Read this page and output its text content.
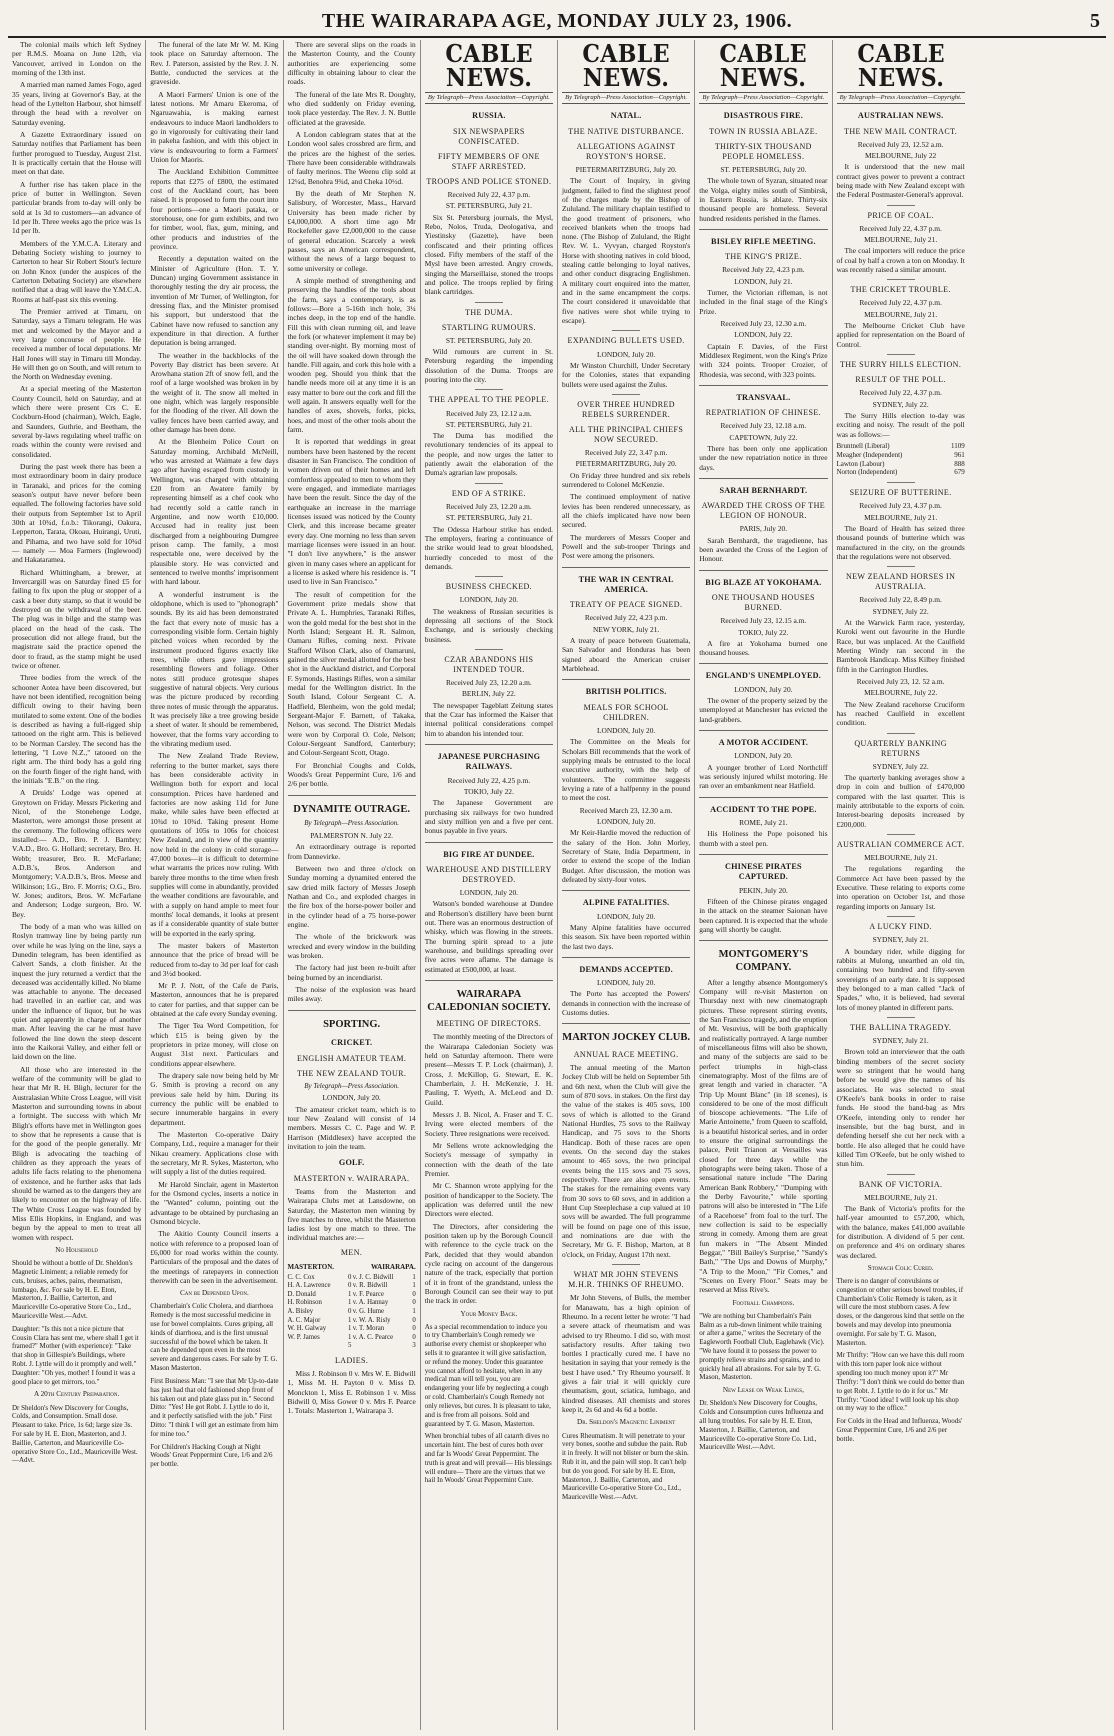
THE WAIRARAPA AGE, MONDAY JULY 23, 1906.	5

The colonial mails which left Sydney per R.M.S. Moana on June 12th, via Vancouver, arrived in London on the morning of the 13th inst.

A married man named James Fogo, aged 35 years, living at Governor's Bay, at the head of the Lyttelton Harbour, shot himself through the head with a revolver on Saturday evening.

A Gazette Extraordinary issued on Saturday notifies that Parliament has been further prorogued to Tuesday, August 21st. It is practically certain that the House will meet on that date.

A further rise has taken place in the price of butter in Wellington. Seven particular brands from to-day will only be sold at 1s 3d to customers—an advance of 1d per lb. Three weeks ago the price was 1s 1d per lb.

Members of the Y.M.C.A. Literary and Debating Society wishing to journey to Carterton to hear Sir Robert Stout's lecture on John Knox (under the auspices of the Carterton Debating Society) are elsewhere notified that a drag will leave the Y.M.C.A. Rooms at half-past six this evening.

The Premier arrived at Timaru, on Saturday, says a Timaru telegram. He was met and welcomed by the Mayor and a very large concourse of people. He received a number of local deputations. Mr Hall Jones will stay in Timaru till Monday. He will then go on South, and will return to the North on Wednesday evening.

At a special meeting of the Masterton County Council, held on Saturday, and at which there were present Crs C. E. Cockburn-Hood (chairman), Welch, Eagle, and Saunders, Guthrie, and Beetham, the several by-laws regulating wheel traffic on roads within the county were revised and consolidated.

During the past week there has been a most extraordinary boom in dairy produce in Taranaki, and prices for the coming season's output have never before been equalled. The following factories have sold their outputs from September 1st to April 30th at 10¾d, f.o.b.: Tikorangi, Oakura, Lepperton, Tarata, Okoau, Huirangi, Uruti, and Pihama, and two have sold for 10¾d — namely — Moa Farmers (Inglewood) and Hakataramea.

Richard Whittingham, a brewer, at Invercargill was on Saturday fined £5 for failing to fix upon the plug or stopper of a cask a beer duty stamp, so that it would be destroyed on the withdrawal of the beer. The plug was in bilge and the stamp was placed on the head of the cask. The prosecution did not allege fraud, but the magistrate said the practice opened the door to fraud, as the stamp might be used twice or oftener.

Three bodies from the wreck of the schooner Aotea have been discovered, but have not been identified, recognition being difficult owing to their having been mutilated to some extent. One of the bodies is described as having a full-rigged ship tattooed on the right arm. This is believed to be Norman Carsley. The second has the lettering, "I Love N.Z.," tatooed on the right arm. The third body has a gold ring on the fourth finger of the right hand, with the initials "E.B." on the ring.

A Druids' Lodge was opened at Greytown on Friday. Messrs Pickering and Nicol, of the Stonehenge Lodge, Masterton, were amongst those present at the ceremony. The following officers were installed:— A.D., Bro. P. J. Bambry; V.A.D., Bro. G. Hollard; secretary, Bro. H. Webb; treasurer, Bro. R. McFarlane; A.D.B.'s, Bros. Anderson and Montgomery; V.A.D.B.'s, Bros. Meese and Wilkinson; I.G., Bro. F. Morris; O.G., Bro. W. Jones; auditors, Bros. W. McFarlane and Anderson; Lodge surgeon, Bro. W. Bey.

The body of a man who was killed on Roslyn tramway line by being partly run over while he was lying on the line, says a Dunedin telegram, has been identified as Calvert Sands, a cloth finisher. At the inquest the jury returned a verdict that the deceased was accidentally killed. No blame was attachable to anyone. The deceased had travelled in an earlier car, and was under the influence of liquor, but he was quiet and apparently in charge of another man. After leaving the car he must have followed the line down the steep descent into the Kaikorai Valley, and either fell or laid down on the line.

All those who are interested in the welfare of the community will be glad to hear that Mr R. H. Bligh, lecturer for the Australasian White Cross League, will visit Masterton and surrounding towns in about a fortnight. The success with which Mr Bligh's efforts have met in Wellington goes to show that he represents a cause that is for the good of the people generally. Mr Bligh is advocating the teaching of children as they approach the years of adults life facts relating to the phenomena of existence, and he further asks that lads should be warned as to the dangers they are likely to encounter on the highway of life. The White Cross League was founded by Miss Ellis Hopkins, in England, and was begun by the appeal to men to treat all women with respect.

No Household
Should be without a bottle of Dr. Sheldon's Magnetic Liniment; a reliable remedy for cuts, bruises, aches, pains, rheumatism, lumbago, &c. For sale by H. E. Eton, Masterton, J. Baillie, Carterton, and Mauriceville Co-operative Store Co., Ltd., Mauriceville West.—Advt.
Daughter: "Is this not a nice picture that Cousin Clara has sent me, where shall I get it framed?" Mother (with experience): "Take that shop in Gillespie's Buildings, where Robt. J. Lyttle will do it promptly and well." Daughter: "Oh yes, mother! I found it was a good place to get mirrors, too."
A 20th Century Preparation.
Dr Sheldon's New Discovery for Coughs, Colds, and Consumption. Small dose. Pleasant to take. Price, 1s 6d; large size 3s. For sale by H. E. Eton, Masterton, and J. Baillie, Carterton, and Mauriceville Co-operative Store Co., Ltd., Mauriceville West.—Advt.

The funeral of the late Mr W. M. King took place on Saturday afternoon. The Rev. J. Paterson, assisted by the Rev. J. N. Buttle, conducted the services at the graveside.

A Maori Farmers' Union is one of the latest notions. Mr Amaru Ekeroma, of Ngaruawahia, is making earnest endeavours to induce Maori landholders to go in vigorously for cultivating their land in pakeha fashion, and with this object in view is endeavouring to form a Farmers' Union for Maoris.

The Auckland Exhibition Committee reports that £275 of £800, the estimated cost of the Auckland court, has been raised. It is proposed to form the court into four portions—one a Maori pataka, or storehouse, one for gum exhibits, and two for timber, wool, flax, gum, mining, and other products and industries of the province.

Recently a deputation waited on the Minister of Agriculture (Hon. T. Y. Duncan) urging Government assistance in thoroughly testing the dry air process, the invention of Mr Turner, of Wellington, for dressing flax, and the Minister promised his support, but understood that the Cabinet have now refused to sanction any expenditure in that direction. A further deputation is being arranged.

The weather in the backblocks of the Poverty Bay district has been severe. At Arowhana station 2ft of snow fell, and the roof of a large woolshed was broken in by the weight of it. The snow all melted in one night, which was largely responsible for the flooding of the river. All down the valley fences have been carried away, and other damage has been done.

At the Blenheim Police Court on Saturday morning, Archibald McNeill, who was arrested at Waimate a few days ago after having escaped from custody in Wellington, was charged with obtaining £20 from an Awatere family by representing himself as a chef cook who had recently sold a cattle ranch in Argentine, and now worth £10,000. Accused had in reality just been discharged from a neighbouring Dumgree prison camp. The family, a most respectable one, were deceived by the plausible story. He was convicted and sentenced to twelve months' imprisonment with hard labour.

A wonderful instrument is the oldophone, which is used to "phonograph" sounds. By its aid has been demonstrated the fact that every note of music has a corresponding visible form. Certain highly pitched voices when recorded by the instrument produced figures exactly like trees, while others gave impressions resembling flowers and foliage. Other notes still produce grotesque shapes suggestive of natural objects. Very curious was the picture produced by recording three notes of music through the apparatus. It was precisely like a tree growing beside a sheet of water. It should be remembered, however, that the forms vary according to the vibrating medium used.

The New Zealand Trade Review, referring to the butter market, says there has been considerable activity in Wellington both for export and local consumption. Prices have hardened and factories are now asking 11d for June make, while sales have been effected at 10¾d to 10¾d. Taking present Home quotations of 105s to 106s for choicest New Zealand, and in view of the quantity now held in the colony in cold storage—47,000 boxes—it is difficult to determine what warrants the prices now ruling. With barely three months to the time when fresh supplies will come in abundantly, provided the weather conditions are favourable, and with a supply on hand ample to meet four months' local demands, it looks at present as if a considerable quantity of stale butter will be exported in the early spring.

The master bakers of Masterton announce that the price of bread will be reduced from to-day to 3d per loaf for cash and 3½d booked.

Mr P. J. Nott, of the Cafe de Paris, Masterton, announces that he is prepared to cater for parties, and that supper can be obtained at the cafe every Sunday evening.

The Tiger Tea Word Competition, for which £15 is being given by the proprietors in prize money, will close on August 31st next. Particulars and conditions appear elsewhere.

The drapery sale now being held by Mr G. Smith is proving a record on any previous sale held by him. During its currency the public will be enabled to secure innumerable bargains in every department.

The Masterton Co-operative Dairy Company, Ltd., require a manager for their Nikau creamery. Applications close with the secretary, Mr R. Sykes, Masterton, who will supply a list of the duties required.

Mr Harold Sinclair, agent in Masterton for the Osmond cycles, inserts a notice in the "Wanted" column, pointing out the advantage to be obtained by purchasing an Osmond bicycle.

The Akitio County Council inserts a notice with reference to a proposed loan of £6,000 for road works within the county. Particulars of the proposal and the dates of the meetings of ratepayers in connection therewith can be seen in the advertisement.

Can be Depended Upon.
Chamberlain's Colic Cholera, and diarrhoea Remedy is the most successful medicine in use for bowel complaints. Cures griping, all kinds of diarrhoea, and is the first unusual successful of the bowel which be taken. It can be depended upon even in the most severe and dangerous cases. For sale by T. G. Mason Masterton.
First Business Man: "I see that Mr Up-to-date has just had that old fashioned shop front of his taken out and plate glass put in." Second Ditto: "Yes! He got Robt. J. Lyttle to do it, and it perfectly satisfied with the job." First Ditto: "I think I will get an estimate from him for mine too."
For Children's Hacking Cough at Night Woods' Great Peppermint Cure, 1/6 and 2/6 per bottle.

There are several slips on the roads in the Masterton County, and the County authorities are experiencing some difficulty in obtaining labour to clear the roads.

The funeral of the late Mrs R. Doughty, who died suddenly on Friday evening, took place yesterday. The Rev. J. N. Buttle officiated at the graveside.

A London cablegram states that at the London wool sales crossbred are firm, and the prices are the highest of the series. There have been considerable withdrawals of faulty merinos. The Weenu clip sold at 12¼d, Benohra 9¾d, and Cheka 10½d.

By the death of Mr Stephen N. Salisbury, of Worcester, Mass., Harvard University has been made richer by £4,000,000. A short time ago Mr Rockefeller gave £2,000,000 to the cause of general education. Scarcely a week passes, says an American correspondent, without the news of a large bequest to some university or college.

A simple method of strengthening and preserving the handles of the tools about the farm, says a contemporary, is as follows:—Bore a 5-16th inch hole, 3¼ inches deep, in the top end of the handle. Fill this with clean running oil, and leave the fork (or whatever implement it may be) standing over-night. By morning most of the oil will have soaked down through the handle. Fill again, and cork this hole with a wooden peg. Should you think that the handle needs more oil at any time it is an easy matter to bore out the cork and fill the well again. It answers equally well for the handles of axes, shovels, forks, picks, hoes, and most of the other tools about the farm.

It is reported that weddings in great numbers have been hastened by the recent disaster in San Francisco. The condition of women driven out of their homes and left comfortless appealed to men to whom they were engaged, and immediate marriages have been the result. Since the day of the earthquake an increase in the marriage licenses issued was noticed by the County Clerk, and this increase became greater every day. One morning no less than seven marriage licenses were issued in an hour. "I don't live anywhere," is the answer given in many cases where an applicant for a license is asked where his residence is. "I used to live in San Francisco."

The result of competition for the Government prize medals show that Private A. L. Humphries, Taranaki Rifles, won the gold medal for the best shot in the North Island; Sergeant H. R. Salmon, Oamaru Rifles, coming next. Private Stafford Wilson Clark, also of Oamaruni, gained the silver medal allotted for the best shot in the Auckland district, and Corporal F. Symonds, Hastings Rifles, won a similar medal for the Wellington district. In the South Island, Colour Sergeant C. A. Hadfield, Blenheim, won the gold medal; Sergeant-Major F. Barnett, of Takaka, Nelson, was second. The District Medals were won by Corporal O. Cole, Nelson; Colour-Sergeant Sandford, Canterbury; and Colour-Sergeant Scott, Otago.

For Bronchial Coughs and Colds, Woods's Great Peppermint Cure, 1/6 and 2/6 per bottle.

DYNAMITE OUTRAGE.
By Telegraph—Press Association.
PALMERSTON N. July 22.

An extraordinary outrage is reported from Dannevirke.

Between two and three o'clock on Sunday morning a dynamited entered the saw dried milk factory of Messrs Joseph Nathan and Co., and exploded charges in the fire box of the horse-power boiler and in the cylinder head of a 75 horse-power engine.

The whole of the brickwork was wrecked and every window in the building was broken.

The factory had just been re-built after being burned by an incendiarist.

The noise of the explosion was heard miles away.

SPORTING.
CRICKET.
ENGLISH AMATEUR TEAM.
THE NEW ZEALAND TOUR.
By Telegraph—Press Association.
LONDON, July 20.

The amateur cricket team, which is to tour New Zealand will consist of 14 members. Messrs C. C. Page and W. P. Harrison (Middlesex) have accepted the invitation to join the team.

GOLF.
MASTERTON v. WAIRARAPA.

Teams from the Masterton and Wairarapa Clubs met at Lansdowne, on Saturday, the Masterton men winning by five matches to three, whilst the Masterton ladies lost by one match to three. The individual matches are:—

MEN.
MASTERTON.		WAIRARAPA.	
C. C. Cox	0	v. J. C. Bidwill	1
H. A. Lawrence	0	v. R. Bidwill	1
D. Donald	1	v. F. Pearce	0
H. Robinson	1	v. A. Hannay	0
A. Bisley	0	v. G. Hume	1
A. C. Major	1	v. W. A. Risly	0
W. H. Galway	1	v. T. Moran	0
W. P. James	1	v. A. C. Pearce	0
	5		3
LADIES.

Miss J. Robinson 0 v. Mrs W. E. Bidwill 1, Miss M. H. Payton 0 v. Miss D. Monckton 1, Miss E. Robinson 1 v. Miss Bidwill 0, Miss Gower 0 v. Mrs F. Pearce 1. Totals: Masterton 1, Wairarapa 3.

CABLE NEWS.
By Telegraph—Press Association—Copyright.
RUSSIA.
SIX NEWSPAPERS CONFISCATED.
FIFTY MEMBERS OF ONE STAFF ARRESTED.
TROOPS AND POLICE STONED.
Received July 22, 4.37 p.m.
ST. PETERSBURG, July 21.

Six St. Petersburg journals, the Mysl, Rebo, Nolos, Truda, Deologativa, and Yiestinsky (Gazette), have been confiscated and their printing offices closed. Fifty members of the staff of the Mysl have been arrested. Angry crowds, singing the Marseillaise, stoned the troops and police. The troops replied by firing blank cartridges.

THE DUMA.
STARTLING RUMOURS.
ST. PETERSBURG, July 20.

Wild rumours are current in St. Petersburg regarding the impending dissolution of the Duma. Troops are pouring into the city.

THE APPEAL TO THE PEOPLE.
Received July 23, 12.12 a.m.
ST. PETERSBURG, July 21.

The Duma has modified the revolutionary tendencies of its appeal to the people, and now urges the latter to patiently await the elaboration of the Duma's agrarian law proposals.

END OF A STRIKE.
Received July 23, 12.20 a.m.
ST. PETERSBURG, July 21.

The Odessa Harbour strike has ended. The employers, fearing a continuance of the strike would lead to great bloodshed, hurriedly conceded to most of the demands.

BUSINESS CHECKED.
LONDON, July 20.

The weakness of Russian securities is depressing all sections of the Stock Exchange, and is seriously checking business.

CZAR ABANDONS HIS INTENDED TOUR.
Received July 23, 12.20 a.m.
BERLIN, July 22.

The newspaper Tageblatt Zeitung states that the Czar has informed the Kaiser that internal political considerations compel him to abandon his intended tour.

JAPANESE PURCHASING RAILWAYS.
Received July 22, 4.25 p.m.
TOKIO, July 22.

The Japanese Government are purchasing six railways for two hundred and sixty million yen and a five per cent. bonus payable in five years.

BIG FIRE AT DUNDEE.
WAREHOUSE AND DISTILLERY DESTROYED.
LONDON, July 20.

Watson's bonded warehouse at Dundee and Robertson's distillery have been burnt out. There was an enormous destruction of whisky, which was flowing in the streets. The burning spirit spread to a jute warehouse, and buildings spreading over five acres were aflame. The damage is estimated at £500,000, at least.

WAIRARAPA CALEDONIAN SOCIETY.
MEETING OF DIRECTORS.

The monthly meeting of the Directors of the Wairarapa Caledonian Society was held on Saturday afternoon. There were present—Messrs T. P. Lock (chairman), J. Cross, J. McKillop, G. Stewart, E. K. Chamberlain, J. H. McKenzie, J. H. Pauling, T. Wyeth, A. McLeod and D. Guild.

Messrs J. B. Nicol, A. Fraser and T. C. Irving were elected members of the Society. Three resignations were received.

Mr Sellens wrote acknowledging the Society's message of sympathy in connection with the death of the late Premier.

Mr C. Shannon wrote applying for the position of handicapper to the Society. The application was deferred until the new Directors were elected.

The Directors, after considering the position taken up by the Borough Council with reference to the cycle track on the Park, decided that they would abandon cycle racing on account of the dangerous nature of the track, especially that portion of it in front of the grandstand, unless the Borough Council can see their way to put the track in order.

Your Money Back.
As a special recommendation to induce you to try Chamberlain's Cough remedy we authorise every chemist or shopkeeper who sells it to guarantee it will give satisfaction, or refund the money. Under this guarantee you cannot afford to hesitate, when in any medical man will tell you, you are endangering your life by neglecting a cough or cold. Chamberlain's Cough Remedy not only relieves, but cures. It is pleasant to take, and is free from all poisons. Sold and guaranteed by T. G. Mason, Masterton.
When bronchial tubes of all catarrh dives no uncertain hint. The best of cures both over and far Is Woods' Great Peppermint. The truth is great and will prevail— His blessings will endure— There are the virtues that we hail In Woods' Great Peppermint Cure.
CABLE NEWS.
By Telegraph—Press Association—Copyright.
NATAL.
THE NATIVE DISTURBANCE.
ALLEGATIONS AGAINST ROYSTON'S HORSE.
PIETERMARITZBURG, July 20.

The Court of Inquiry, in giving judgment, failed to find the slightest proof of the charges made by the Bishop of Zululand. The military chaplain testified to the good treatment of prisoners, who received blankets when the troops had none. (The Bishop of Zululand, the Right Rev. W. L. Vyvyan, charged Royston's Horse with shooting natives in cold blood, stealing cattle belonging to loyal natives, and other conduct disgracing Englishmen. A military court enquired into the matter, and in the same encampment the corps. The court considered it unavoidable that five natives were shot while trying to escape).

EXPANDING BULLETS USED.
LONDON, July 20.

Mr Winston Churchill, Under Secretary for the Colonies, states that expanding bullets were used against the Zulus.

OVER THREE HUNDRED REBELS SURRENDER.
ALL THE PRINCIPAL CHIEFS NOW SECURED.
Received July 22, 3.47 p.m.
PIETERMARITZBURG, July 20.

On Friday three hundred and six rebels surrendered to Colonel McKenzie.

The continued employment of native levies has been rendered unnecessary, as all the chiefs implicated have now been secured.

The murderers of Messrs Cooper and Powell and the sub-trooper Thrings and Post were among the prisoners.

THE WAR IN CENTRAL AMERICA.
TREATY OF PEACE SIGNED.
Received July 22, 4.23 p.m.
NEW YORK, July 21.

A treaty of peace between Guatemala, San Salvador and Honduras has been signed aboard the American cruiser Marblehead.

BRITISH POLITICS.
MEALS FOR SCHOOL CHILDREN.
LONDON, July 20.

The Committee on the Meals for Scholars Bill recommends that the work of supplying meals be entrusted to the local executive authority, with the help of volunteers. The committee suggests levying a rate of a halfpenny in the pound to meet the cost.

Received March 23, 12.30 a.m.
LONDON, July 20.

Mr Keir-Hardie moved the reduction of the salary of the Hon. John Morley, Secretary of State, India Department, in order to extend the scope of the Indian Budget. After discussion, the motion was defeated by sixty-four votes.

ALPINE FATALITIES.
LONDON, July 20.

Many Alpine fatalities have occurred this season. Six have been reported within the last two days.

DEMANDS ACCEPTED.
LONDON, July 20.

The Porte has accepted the Powers' demands in connection with the increase of Customs duties.

MARTON JOCKEY CLUB.
ANNUAL RACE MEETING.

The annual meeting of the Marton Jockey Club will be held on September 5th and 6th next, when the Club will give the sum of 870 sovs. in stakes. On the first day the value of the stakes is 405 sovs, 100 sovs of which is allotted to the Grand National Hurdles, 75 sovs to the Railway Handicap, and 75 sovs to the Shorts Handicap. Both of these races are open events. On the second day the stakes amount to 465 sovs, the two principal events being the 115 sovs and 75 sovs, respectively. There are also open events. The stakes for the remaining events vary from 30 sovs to 60 sovs, and in addition a Hunt Cup Steeplechase a cup valued at 10 sovs will be awarded. The full programme will be found on page one of this issue, and nominations are due with the Secretary, Mr G. F. Bishop, Marton, at 8 o'clock, on Friday, August 17th next.

WHAT MR JOHN STEVENS M.H.R. THINKS OF RHEUMO.

Mr John Stevens, of Bulls, the member for Manawatu, has a high opinion of Rheumo. In a recent letter he wrote: "I had a severe attack of rheumatism and was advised to try Rheumo. I did so, with most satisfactory results. After taking two bottles I practically cured me. I have no hesitation in saying that your remedy is the best I have used." Try Rheumo yourself. It gives a fair trial it will quickly cure rheumatism, gout, sciatica, lumbago, and kindred diseases. All chemists and stores keep it, 2s 6d and 4s 6d a bottle.

Dr. Sheldon's Magnetic Liniment
Cures Rheumatism. It will penetrate to your very bones, soothe and subdue the pain. Rub it in freely. It will not blister or burn the skin. Rub it in, and the pain will stop. It can't help but do you good. For sale by H. E. Eton, Masterton, J. Baillie, Carterton, and Mauriceville Co-operative Store Co., Ltd., Mauriceville West.—Advt.
CABLE NEWS.
By Telegraph—Press Association—Copyright.
DISASTROUS FIRE.
TOWN IN RUSSIA ABLAZE.
THIRTY-SIX THOUSAND PEOPLE HOMELESS.
ST. PETERSBURG, July 20.

The whole town of Syzran, situated near the Volga, eighty miles south of Simbirsk, in Eastern Russia, is ablaze. Thirty-six thousand people are homeless. Several hundred residents perished in the flames.

BISLEY RIFLE MEETING.
THE KING'S PRIZE.
Received July 22, 4.23 p.m.
LONDON, July 21.

Turner, the Victorian rifleman, is not included in the final stage of the King's Prize.

Received July 23, 12.30 a.m.
LONDON, July 22.

Captain F. Davies, of the First Middlesex Regiment, won the King's Prize with 324 points. Trooper Crozier, of Rhodesia, was second, with 323 points.

TRANSVAAL.
REPATRIATION OF CHINESE.
Received July 23, 12.18 a.m.
CAPETOWN, July 22.

There has been only one application under the new repatriation notice in three days.

SARAH BERNHARDT.
AWARDED THE CROSS OF THE LEGION OF HONOUR.
PARIS, July 20.

Sarah Bernhardt, the tragedienne, has been awarded the Cross of the Legion of Honour.

BIG BLAZE AT YOKOHAMA.
ONE THOUSAND HOUSES BURNED.
Received July 23, 12.15 a.m.
TOKIO, July 22.

A fire at Yokohama burned one thousand houses.

ENGLAND'S UNEMPLOYED.
LONDON, July 20.

The owner of the property seized by the unemployed at Manchester has evicted the land-grabbers.

A MOTOR ACCIDENT.
LONDON, July 20.

A younger brother of Lord Northcliff was seriously injured whilst motoring. He ran over an embankment near Hatfield.

ACCIDENT TO THE POPE.
ROME, July 21.

His Holiness the Pope poisoned his thumb with a steel pen.

CHINESE PIRATES CAPTURED.
PEKIN, July 20.

Fifteen of the Chinese pirates engaged in the attack on the steamer Saionan have been captured. It is expected that the whole gang will shortly be caught.

MONTGOMERY'S COMPANY.

After a lengthy absence Montgomery's Company will re-visit Masterton on Thursday next with new cinematograph pictures. These represent stirring events, the San Francisco tragedy, and the eruption of Mt. Vesuvius, will be both graphically and realistically portrayed. A large number of miscellaneous films will also be shown, and many of the subjects are said to be perfect triumphs in high-class cinematography. Most of the films are of great length and varied in character. "A Trip Up Mount Blanc" (in 18 scenes), is considered to be one of the most difficult of bioscope achievements. "The Life of Marie Antoinette," from Queen to scaffold, is a beautiful historical series, and in order to ensure the original surroundings the palace, Petit Trianon at Versailles was closed for three days while the photographs were being taken. Those of a sensational nature include "The Daring American Bank Robbery," "Dumping with the Derby Favourite," while sporting patrons will also be interested in "The Life of a Racehorse" from foal to the turf. The new collection is said to be especially strong in comedy. Among them are great fun makers in "The Absent Minded Beggar," "Bill Bailey's Surprise," "Sandy's Bath," "The Ups and Downs of Murphy," "A Trip to the Moon," "Fir Comes," and "Scenes on Every Floor." Seats may be reserved at Miss Rive's.

Football Champions.
"We are nothing but Chamberlain's Pain Balm as a rub-down liniment while training or after a game," writes the Secretary of the Eagleworth Football Club, Eaglehawk (Vic). "We have found it to possess the power to promptly relieve strains and sprains, and to quickly heal all abrasions. For sale by T. G. Mason, Masterton.
New Lease on Weak Lungs,
Dr. Sheldon's New Discovery for Coughs, Colds and Consumption cures Influenza and all lung troubles. For sale by H. E. Eton, Masterton, J. Baillie, Carterton, and Mauriceville Co-operative Store Co. Ltd., Mauriceville West.—Advt.
CABLE NEWS.
By Telegraph—Press Association—Copyright.
AUSTRALIAN NEWS.
THE NEW MAIL CONTRACT.
Received July 23, 12.52 a.m.
MELBOURNE, July 22

It is understood that the new mail contract gives power to prevent a contract being made with New Zealand except with the Federal Postmaster-General's approval.

PRICE OF COAL.
Received July 22, 4.37 p.m.
MELBOURNE, July 21.

The coal importers will reduce the price of coal by half a crown a ton on Monday. It was recently raised a similar amount.

THE CRICKET TROUBLE.
Received July 22, 4.37 p.m.
MELBOURNE, July 21.

The Melbourne Cricket Club have applied for representation on the Board of Control.

THE SURRY HILLS ELECTION.
RESULT OF THE POLL.
Received July 22, 4.37 p.m.
SYDNEY, July 22.

The Surry Hills election to-day was exciting and noisy. The result of the poll was as follows:—

Bruntnell (Liberal)	1109
Meagher (Independent)	961
Lawton (Labour)	888
Norton (Independent)	679
SEIZURE OF BUTTERINE.
Received July 23, 4.37 p.m.
MELBOURNE, July 21.

The Board of Health has seized three thousand pounds of butterine which was manufactured in the city, on the grounds that the regulations were not observed.

NEW ZEALAND HORSES IN AUSTRALIA.
Received July 22, 8.49 p.m.
SYDNEY, July 22.

At the Warwick Farm race, yesterday, Kuroki went out favourite in the Hurdle Race, but was unplaced. At the Caulfield Meeting Windy ran second in the Bambrook Handicap. Miss Kilbey finished fifth in the Carrington Hurdles.

Received July 23, 12. 52 a.m.
MELBOURNE, July 22.

The New Zealand racehorse Cruciform has reached Caulfield in excellent condition.

QUARTERLY BANKING RETURNS
SYDNEY, July 22.

The quarterly banking averages show a drop in coin and bullion of £470,000 compared with the last quarter. This is mainly attributable to the exports of coin. Interest-bearing deposits increased by £200,000.

AUSTRALIAN COMMERCE ACT.
MELBOURNE, July 21.

The regulations regarding the Commerce Act have been passed by the Executive. These relating to exports come into operation on October 1st, and those regarding imports on January 1st.

A LUCKY FIND.
SYDNEY, July 21.

A boundary rider, while digging for rabbits at Mulong, unearthed an old tin, containing two hundred and fifty-seven sovereigns of an early date. It is supposed they belonged to a man called "Jack of Spades," who, it is believed, had several lots of money planted in different parts.

THE BALLINA TRAGEDY.
SYDNEY, July 21.

Brown told an interviewer that the oath binding members of the secret society were so stringent that he would hang before he would give the names of his associates. He was selected to steal O'Keefe's bank books in order to raise funds. He stood the hand-bag as Mrs O'Keefe, intending only to render her insensible, but the bag burst, and in defending herself she cut her neck with a bottle. He also alleged that he could have killed Tim O'Keefe, but he only wished to stun him.

BANK OF VICTORIA.
MELBOURNE, July 21.

The Bank of Victoria's profits for the half-year amounted to £57,200, which, with the balance, makes £41,000 available for distribution. A dividend of 5 per cent. on preference and 4½ on ordinary shares was declared.

Stomach Colic Cured.
There is no danger of convulsions or congestion or other serious bowel troubles, if Chamberlain's Colic Remedy is taken, as it will cure the most stubborn cases. A few doses, or the dangerous kind that settle on the bowels and may develop into pneumonia overnight. For sale by T. G. Mason, Masterton.
Mr Thrifty: "How can we have this dull room with this torn paper look nice without spending too much money upon it?" Mr Thrifty: "I don't think we could do better than to get Robt. J. Lyttle to do it for us." Mr Thrifty: "Good idea! I will look up his shop on my way to the office."
For Colds in the Head and Influenza, Woods' Great Peppermint Cure, 1/6 and 2/6 per bottle.
